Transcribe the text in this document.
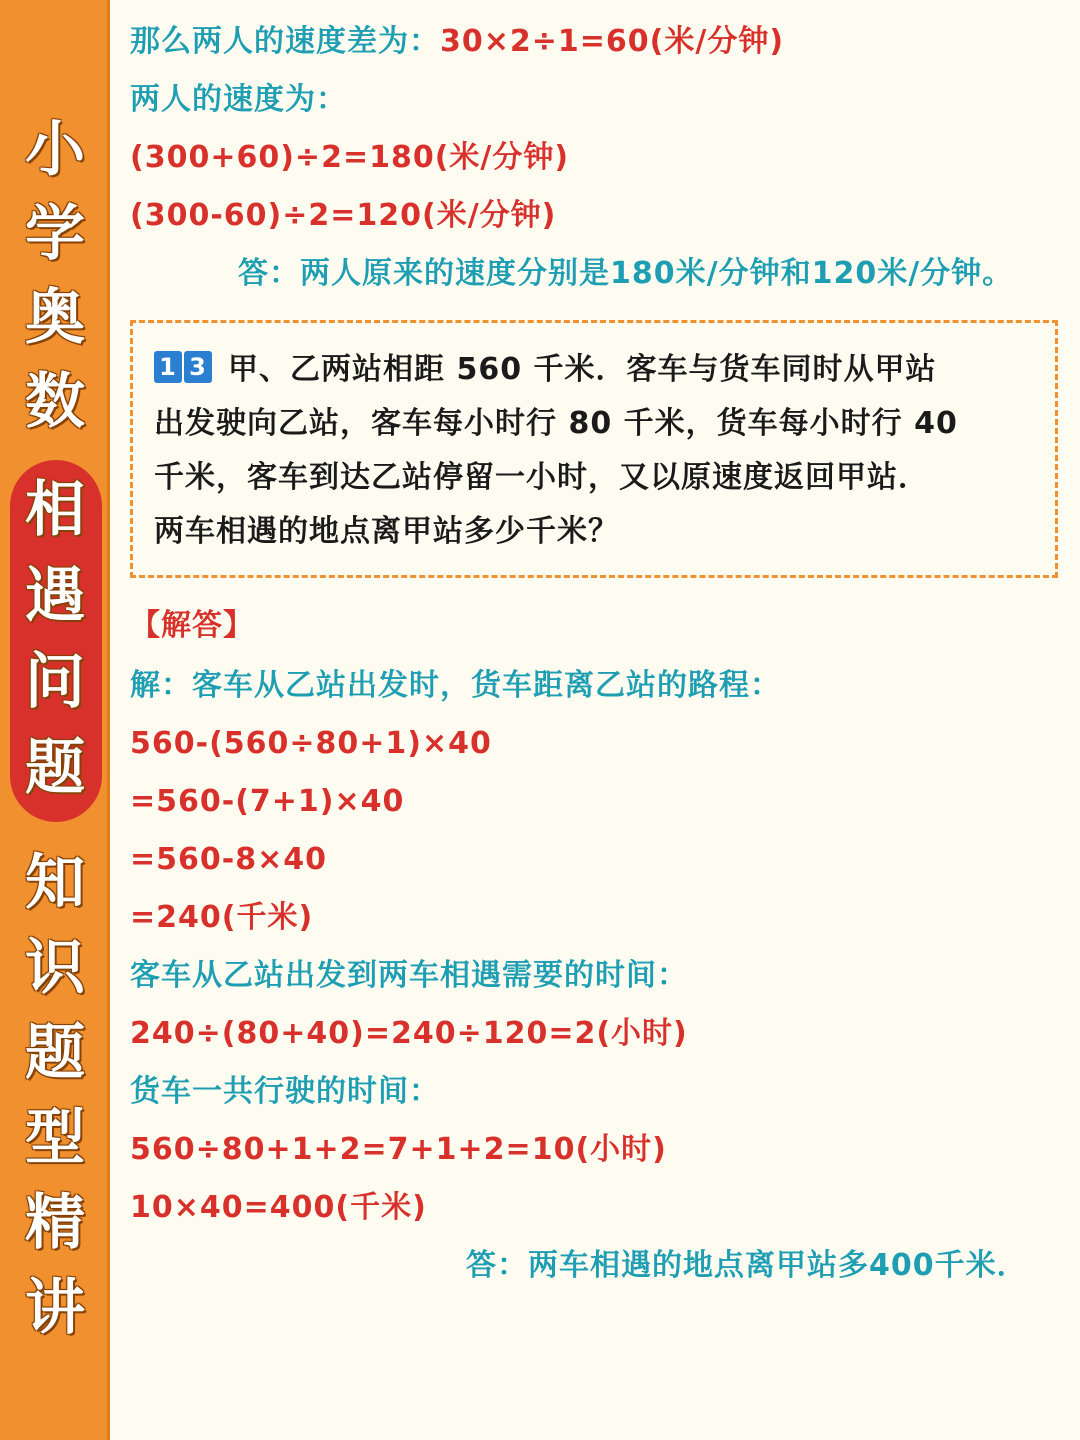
小
学
奥
数
相
遇
问
题
知
识
题
型
精
讲
那么两人的速度差为：30×2÷1=60(米/分钟)
两人的速度为：
(300+60)÷2=180(米/分钟)
(300-60)÷2=120(米/分钟)
答：两人原来的速度分别是180米/分钟和120米/分钟。
1 3 甲、乙两站相距 560 千米．客车与货车同时从甲站
出发驶向乙站，客车每小时行 80 千米，货车每小时行 40
千米，客车到达乙站停留一小时，又以原速度返回甲站．
两车相遇的地点离甲站多少千米？
【解答】
解：客车从乙站出发时，货车距离乙站的路程：
560-(560÷80+1)×40
=560-(7+1)×40
=560-8×40
=240(千米)
客车从乙站出发到两车相遇需要的时间：
240÷(80+40)=240÷120=2(小时)
货车一共行驶的时间：
560÷80+1+2=7+1+2=10(小时)
10×40=400(千米)
答：两车相遇的地点离甲站多400千米．
